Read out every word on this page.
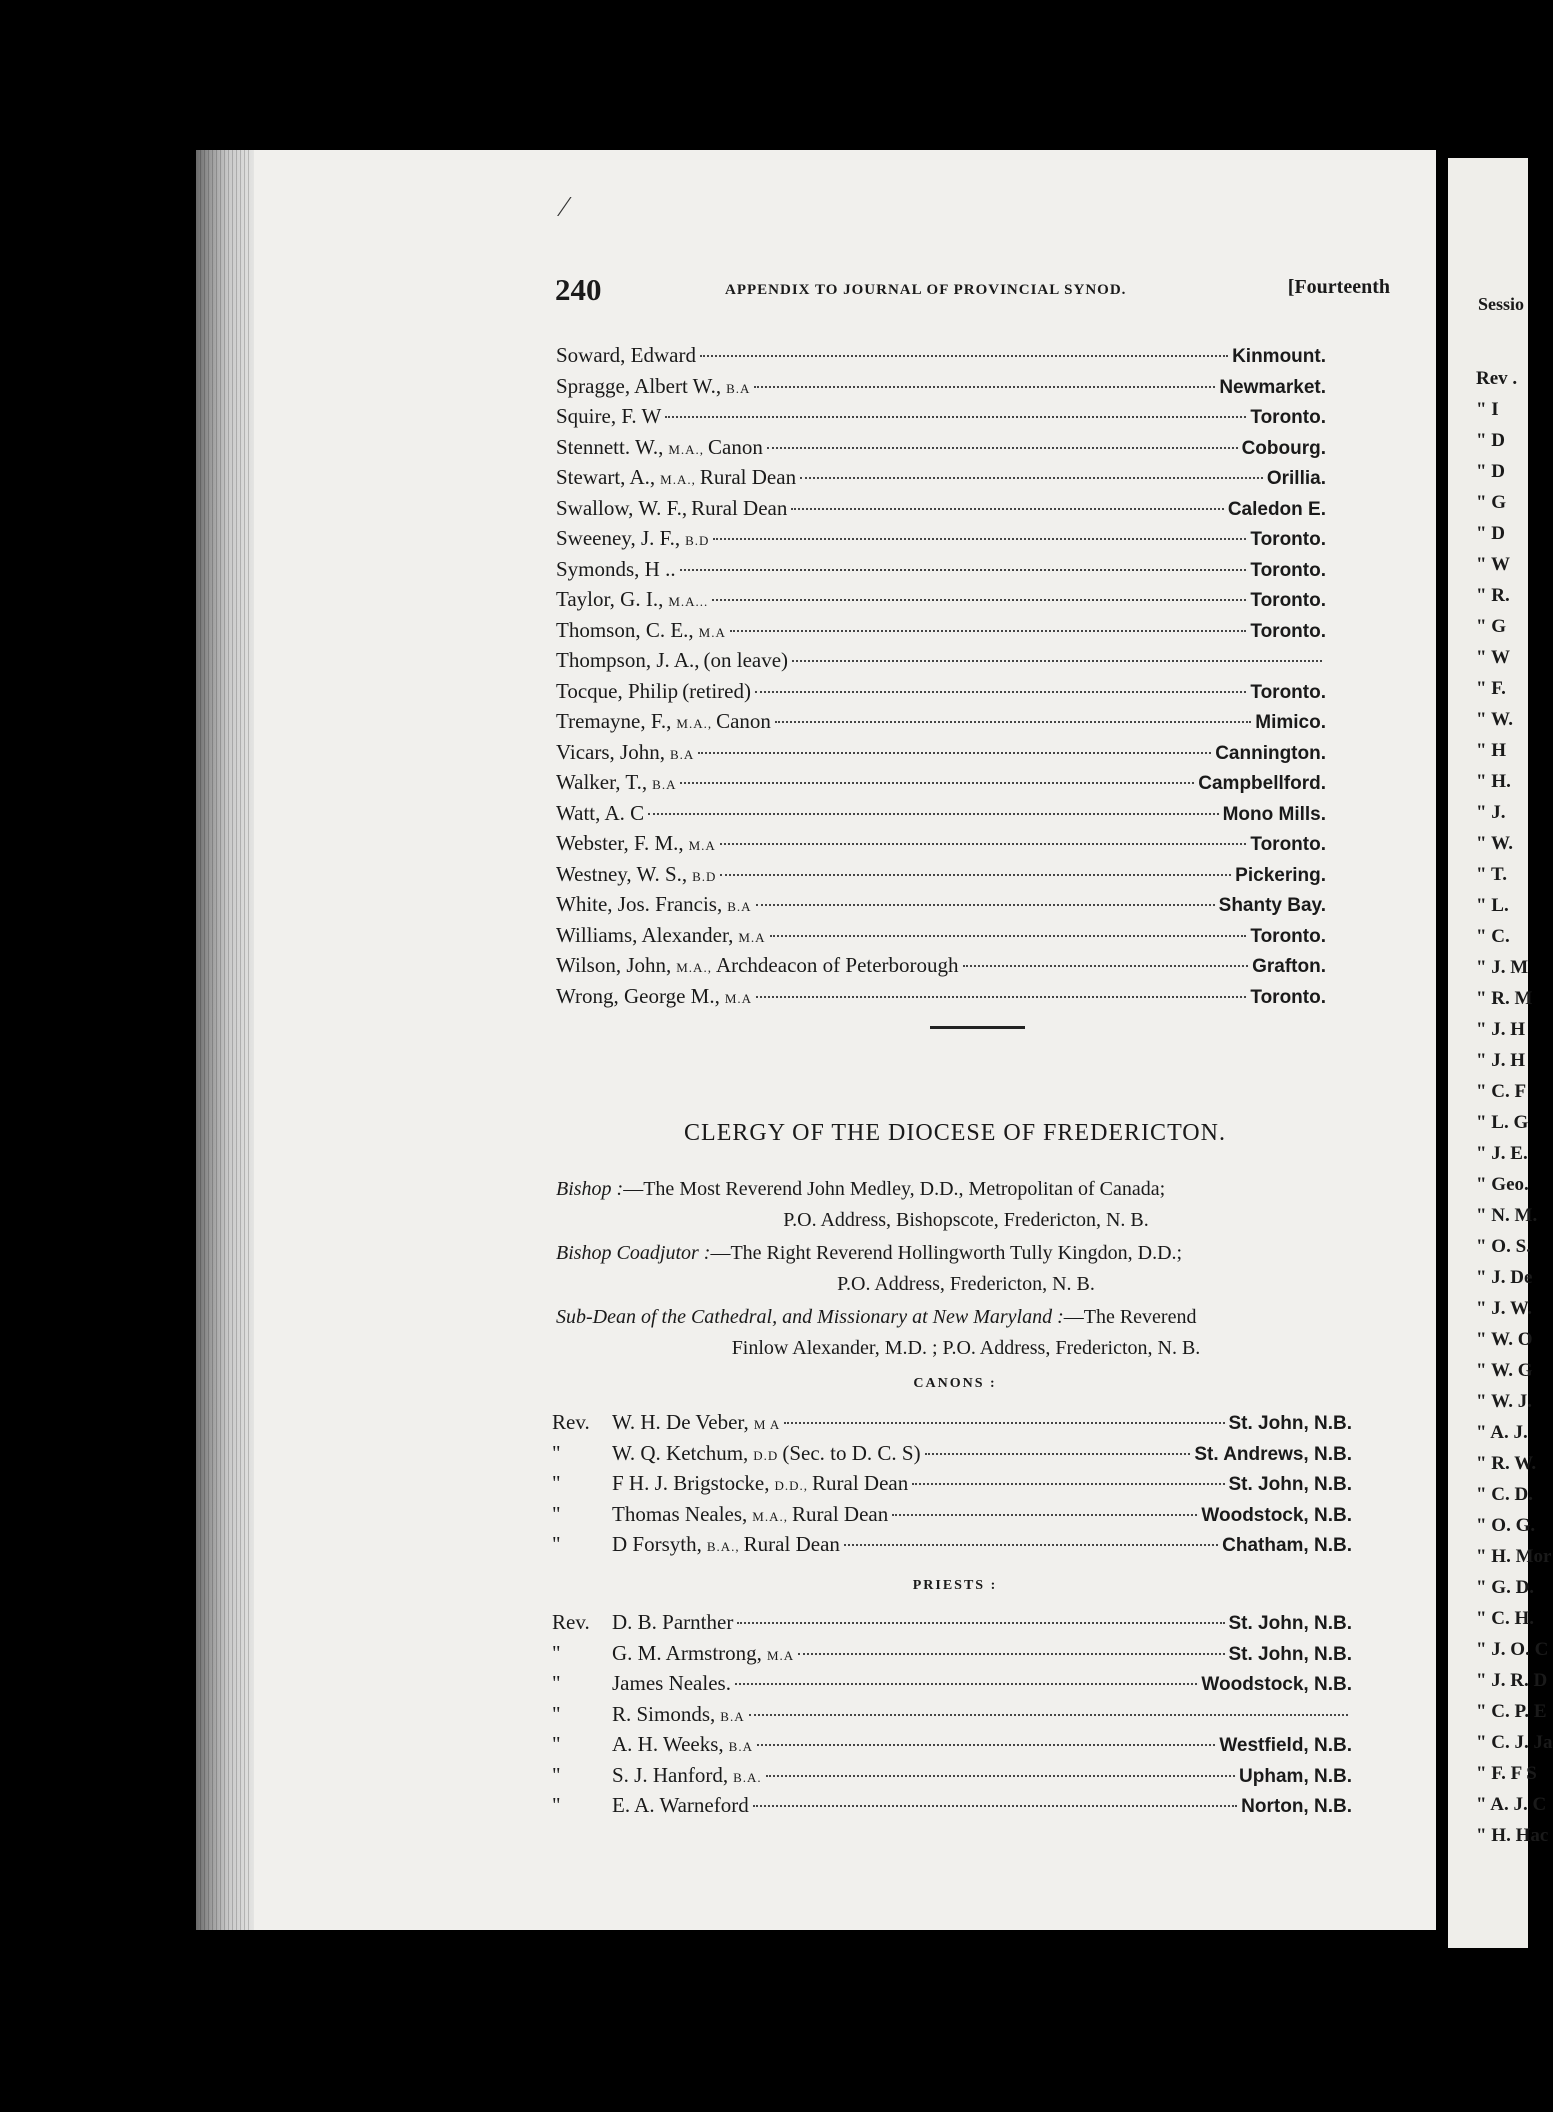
Sessio
Rev .
" I
" D
" D
" G
" D
" W
" R.
" G
" W
" F.
" W.
" H
" H.
" J.
" W.
" T.
" L.
" C.
" J. M
" R. M
" J. H
" J. H
" C. F
" L. G
" J. E.
" Geo.
" N. M.
" O. S.
" J. De
" J. W.
" W. O
" W. G
" W. J.
" A. J.
" R. W.
" C. D.
" O. G.
" H. Mor
" G. D.
" C. H.
" J. O. C
" J. R. D
" C. P. E
" C. J. Ja
" F. F S
" A. J. C
" H. Hac
⁄
240	APPENDIX TO JOURNAL OF PROVINCIAL SYNOD.	[Fourteenth
Soward, Edward	Kinmount.
Spragge, Albert W., B.A	Newmarket.
Squire, F. W	Toronto.
Stennett. W., M.A., Canon	Cobourg.
Stewart, A., M.A., Rural Dean	Orillia.
Swallow, W. F., Rural Dean	Caledon E.
Sweeney, J. F., B.D	Toronto.
Symonds, H ..	Toronto.
Taylor, G. I., M.A...	Toronto.
Thomson, C. E., M.A	Toronto.
Thompson, J. A., (on leave)
Tocque, Philip (retired)	Toronto.
Tremayne, F., M.A., Canon	Mimico.
Vicars, John, B.A	Cannington.
Walker, T., B.A	Campbellford.
Watt, A. C	Mono Mills.
Webster, F. M., M.A	Toronto.
Westney, W. S., B.D	Pickering.
White, Jos. Francis, B.A	Shanty Bay.
Williams, Alexander, M.A	Toronto.
Wilson, John, M.A., Archdeacon of Peterborough	Grafton.
Wrong, George M., M.A	Toronto.
CLERGY OF THE DIOCESE OF FREDERICTON.
Bishop :—The Most Reverend John Medley, D.D., Metropolitan of Canada;
P.O. Address, Bishopscote, Fredericton, N. B.
Bishop Coadjutor :—The Right Reverend Hollingworth Tully Kingdon, D.D.;
P.O. Address, Fredericton, N. B.
Sub-Dean of the Cathedral, and Missionary at New Maryland :—The Reverend
Finlow Alexander, M.D. ; P.O. Address, Fredericton, N. B.
CANONS :
Rev.	W. H. De Veber, M A	St. John, N.B.
"	W. Q. Ketchum, D.D (Sec. to D. C. S)	St. Andrews, N.B.
"	F H. J. Brigstocke, D.D., Rural Dean	St. John, N.B.
"	Thomas Neales, M.A., Rural Dean	Woodstock, N.B.
"	D Forsyth, B.A., Rural Dean	Chatham, N.B.
PRIESTS :
Rev.	D. B. Parnther	St. John, N.B.
"	G. M. Armstrong, M.A	St. John, N.B.
"	James Neales.	Woodstock, N.B.
"	R. Simonds, B.A
"	A. H. Weeks, B.A	Westfield, N.B.
"	S. J. Hanford, B.A.	Upham, N.B.
"	E. A. Warneford	Norton, N.B.
